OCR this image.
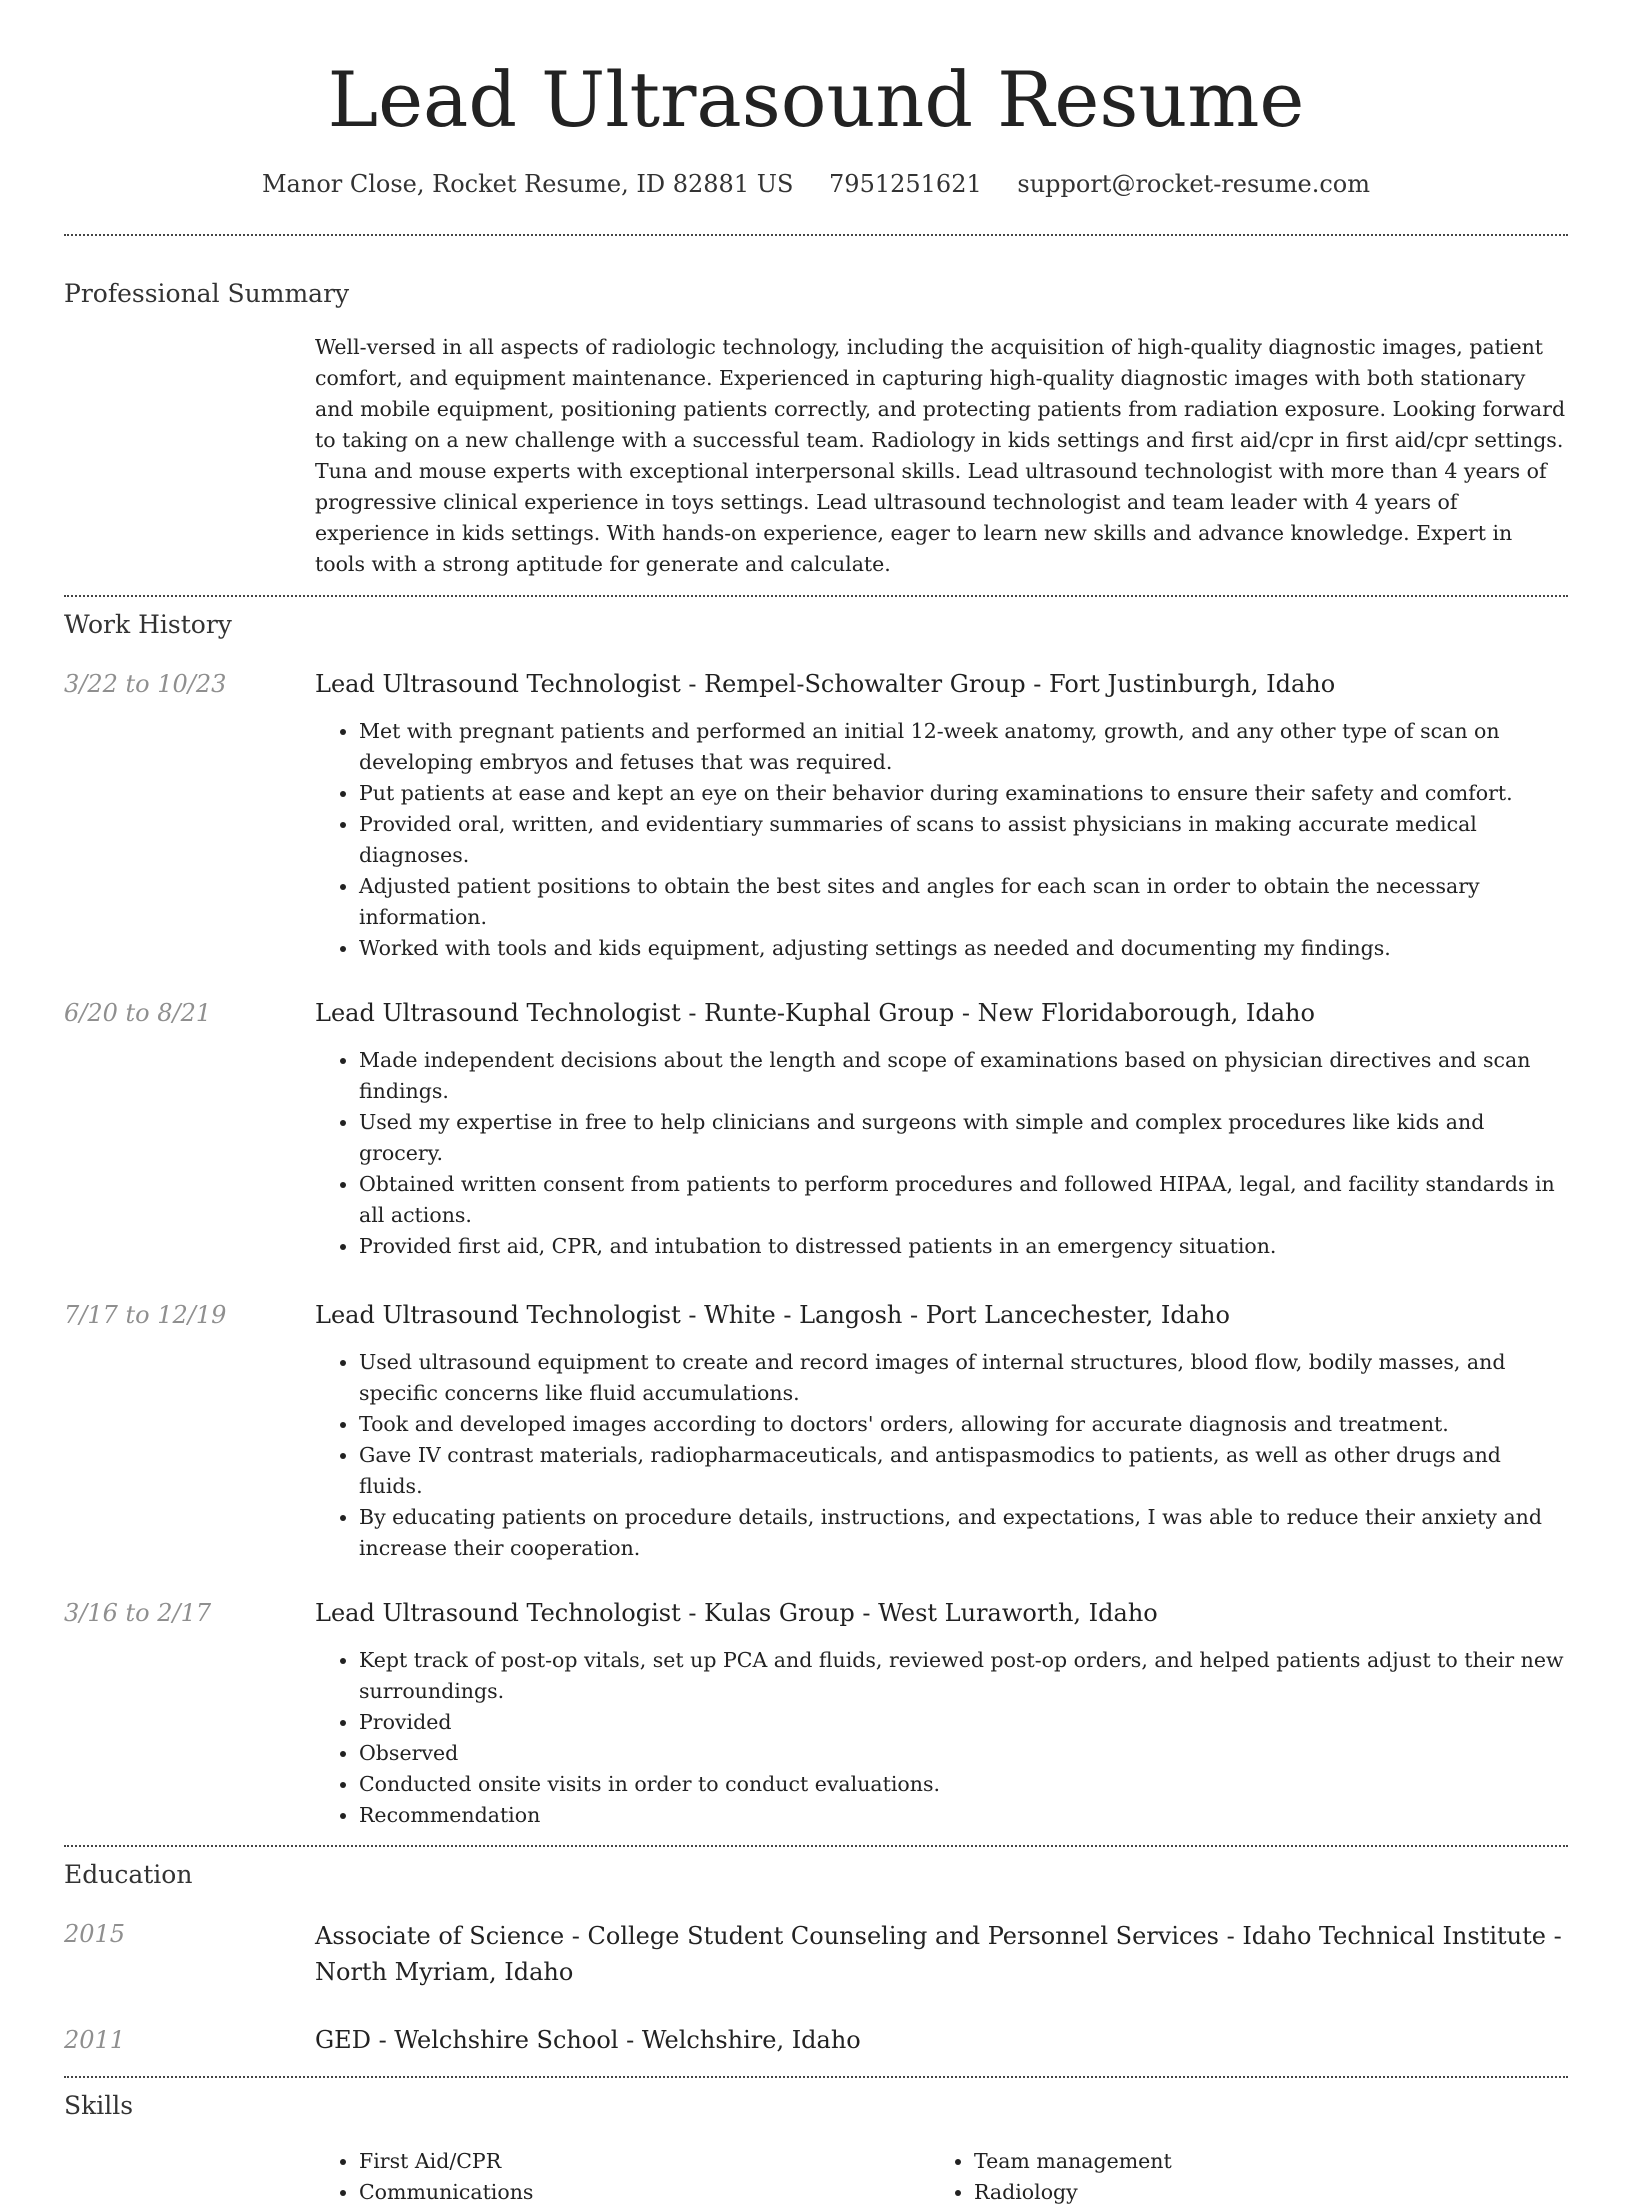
Lead Ultrasound Resume
Manor Close, Rocket Resume, ID 82881 US 7951251621 support@rocket-resume.com
Professional Summary
Well-versed in all aspects of radiologic technology, including the acquisition of high-quality diagnostic images, patient comfort, and equipment maintenance. Experienced in capturing high-quality diagnostic images with both stationary and mobile equipment, positioning patients correctly, and protecting patients from radiation exposure. Looking forward to taking on a new challenge with a successful team. Radiology in kids settings and first aid/cpr in first aid/cpr settings. Tuna and mouse experts with exceptional interpersonal skills. Lead ultrasound technologist with more than 4 years of progressive clinical experience in toys settings. Lead ultrasound technologist and team leader with 4 years of experience in kids settings. With hands-on experience, eager to learn new skills and advance knowledge. Expert in tools with a strong aptitude for generate and calculate.
Work History
3/22 to 10/23	Lead Ultrasound Technologist - Rempel-Schowalter Group - Fort Justinburgh, Idaho
• Met with pregnant patients and performed an initial 12-week anatomy, growth, and any other type of scan on developing embryos and fetuses that was required.
• Put patients at ease and kept an eye on their behavior during examinations to ensure their safety and comfort.
• Provided oral, written, and evidentiary summaries of scans to assist physicians in making accurate medical diagnoses.
• Adjusted patient positions to obtain the best sites and angles for each scan in order to obtain the necessary information.
• Worked with tools and kids equipment, adjusting settings as needed and documenting my findings.
6/20 to 8/21	Lead Ultrasound Technologist - Runte-Kuphal Group - New Floridaborough, Idaho
• Made independent decisions about the length and scope of examinations based on physician directives and scan findings.
• Used my expertise in free to help clinicians and surgeons with simple and complex procedures like kids and grocery.
• Obtained written consent from patients to perform procedures and followed HIPAA, legal, and facility standards in all actions.
• Provided first aid, CPR, and intubation to distressed patients in an emergency situation.
7/17 to 12/19	Lead Ultrasound Technologist - White - Langosh - Port Lancechester, Idaho
• Used ultrasound equipment to create and record images of internal structures, blood flow, bodily masses, and specific concerns like fluid accumulations.
• Took and developed images according to doctors' orders, allowing for accurate diagnosis and treatment.
• Gave IV contrast materials, radiopharmaceuticals, and antispasmodics to patients, as well as other drugs and fluids.
• By educating patients on procedure details, instructions, and expectations, I was able to reduce their anxiety and increase their cooperation.
3/16 to 2/17	Lead Ultrasound Technologist - Kulas Group - West Luraworth, Idaho
• Kept track of post-op vitals, set up PCA and fluids, reviewed post-op orders, and helped patients adjust to their new surroundings.
• Provided
• Observed
• Conducted onsite visits in order to conduct evaluations.
• Recommendation
Education
2015	Associate of Science - College Student Counseling and Personnel Services - Idaho Technical Institute - North Myriam, Idaho
2011	GED - Welchshire School - Welchshire, Idaho
Skills
• First Aid/CPR
• Communications
• Team management
• Radiology
